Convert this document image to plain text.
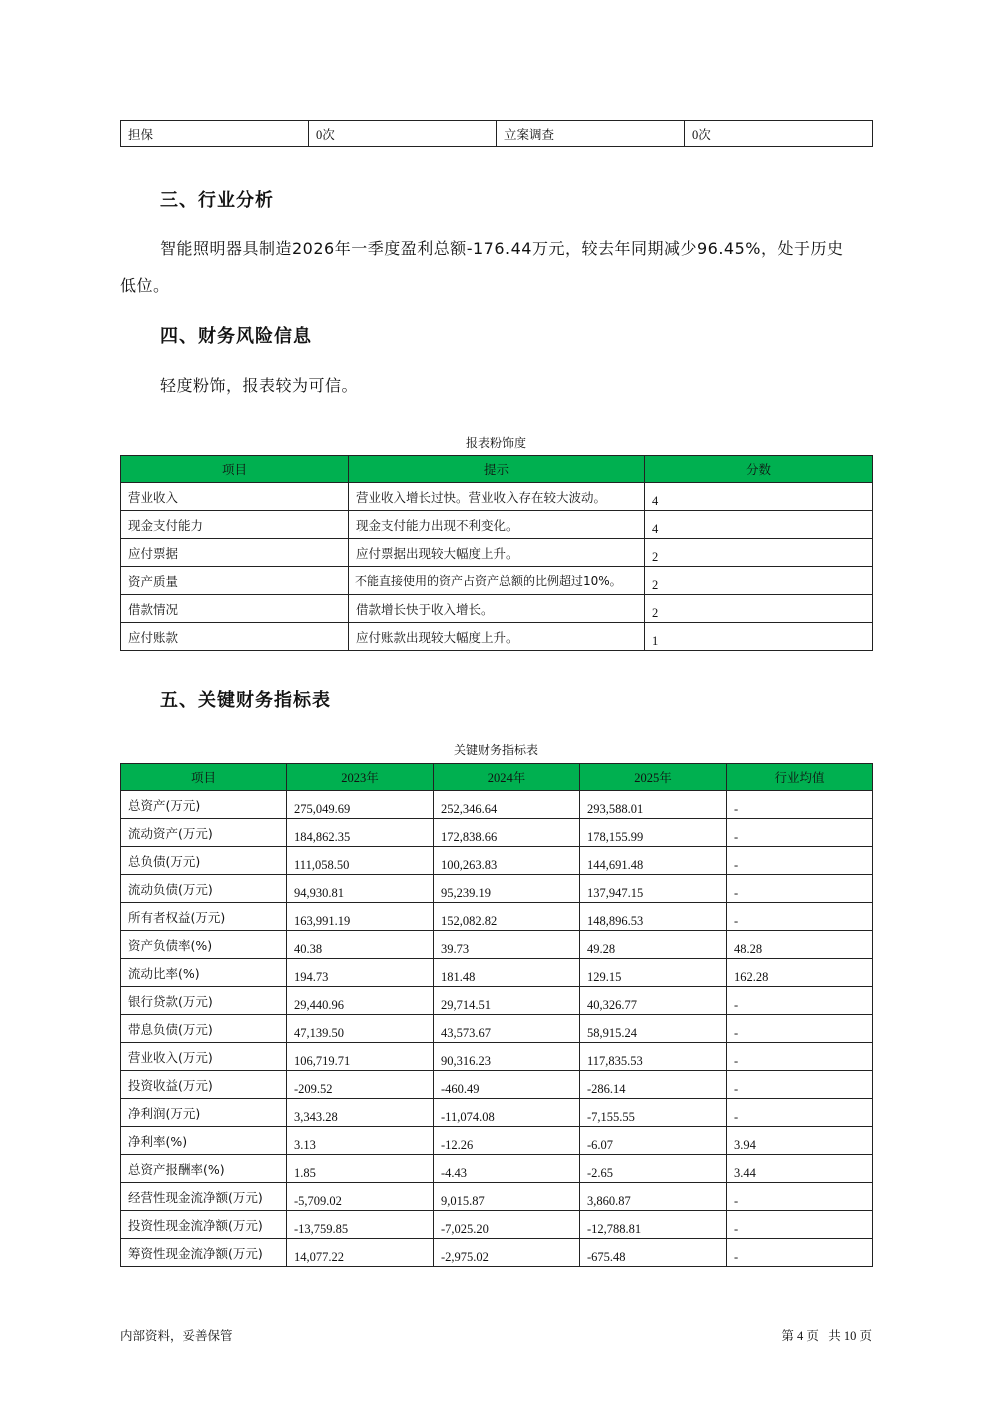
担保	0次	立案调查	0次
三、行业分析

智能照明器具制造2026年一季度盈利总额-176.44万元，较去年同期减少96.45%，处于历史

低位。

四、财务风险信息

轻度粉饰，报表较为可信。

报表粉饰度
项目	提示	分数
营业收入	营业收入增长过快。营业收入存在较大波动。	4
现金支付能力	现金支付能力出现不利变化。	4
应付票据	应付票据出现较大幅度上升。	2
资产质量	不能直接使用的资产占资产总额的比例超过10%。	2
借款情况	借款增长快于收入增长。	2
应付账款	应付账款出现较大幅度上升。	1
五、关键财务指标表
关键财务指标表
项目	2023年	2024年	2025年	行业均值
总资产(万元)	275,049.69	252,346.64	293,588.01	-
流动资产(万元)	184,862.35	172,838.66	178,155.99	-
总负债(万元)	111,058.50	100,263.83	144,691.48	-
流动负债(万元)	94,930.81	95,239.19	137,947.15	-
所有者权益(万元)	163,991.19	152,082.82	148,896.53	-
资产负债率(%)	40.38	39.73	49.28	48.28
流动比率(%)	194.73	181.48	129.15	162.28
银行贷款(万元)	29,440.96	29,714.51	40,326.77	-
带息负债(万元)	47,139.50	43,573.67	58,915.24	-
营业收入(万元)	106,719.71	90,316.23	117,835.53	-
投资收益(万元)	-209.52	-460.49	-286.14	-
净利润(万元)	3,343.28	-11,074.08	-7,155.55	-
净利率(%)	3.13	-12.26	-6.07	3.94
总资产报酬率(%)	1.85	-4.43	-2.65	3.44
经营性现金流净额(万元)	-5,709.02	9,015.87	3,860.87	-
投资性现金流净额(万元)	-13,759.85	-7,025.20	-12,788.81	-
筹资性现金流净额(万元)	14,077.22	-2,975.02	-675.48	-
内部资料，妥善保管	第 4 页   共 10 页
